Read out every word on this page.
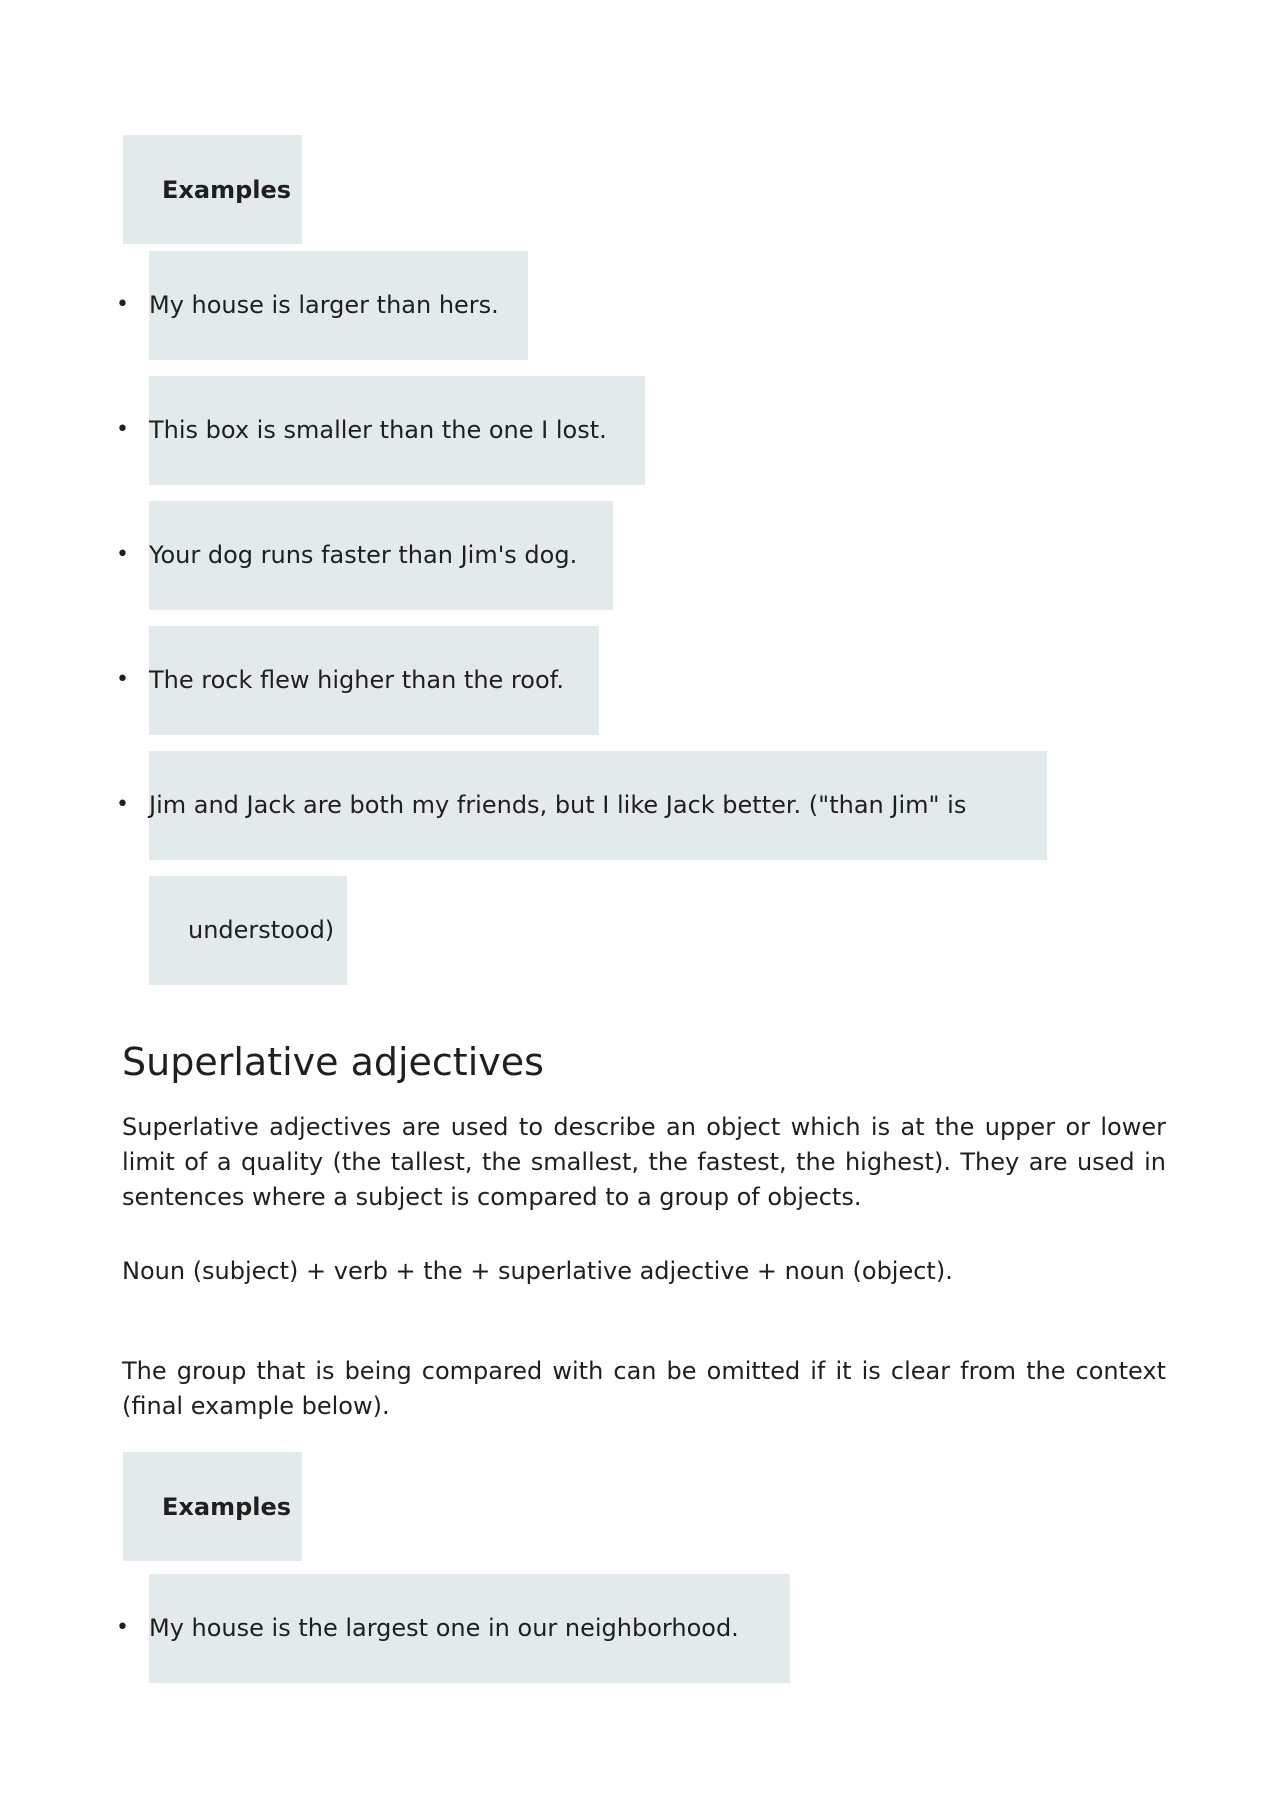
Examples
• My house is larger than hers.
• This box is smaller than the one I lost.
• Your dog runs faster than Jim's dog.
• The rock flew higher than the roof.
• Jim and Jack are both my friends, but I like Jack better. ("than Jim" is
understood)
Superlative adjectives

Superlative adjectives are used to describe an object which is at the upper or lower limit of a quality (the tallest, the smallest, the fastest, the highest). They are used in sentences where a subject is compared to a group of objects.

Noun (subject) + verb + the + superlative adjective + noun (object).

The group that is being compared with can be omitted if it is clear from the context (final example below).

Examples
• My house is the largest one in our neighborhood.
